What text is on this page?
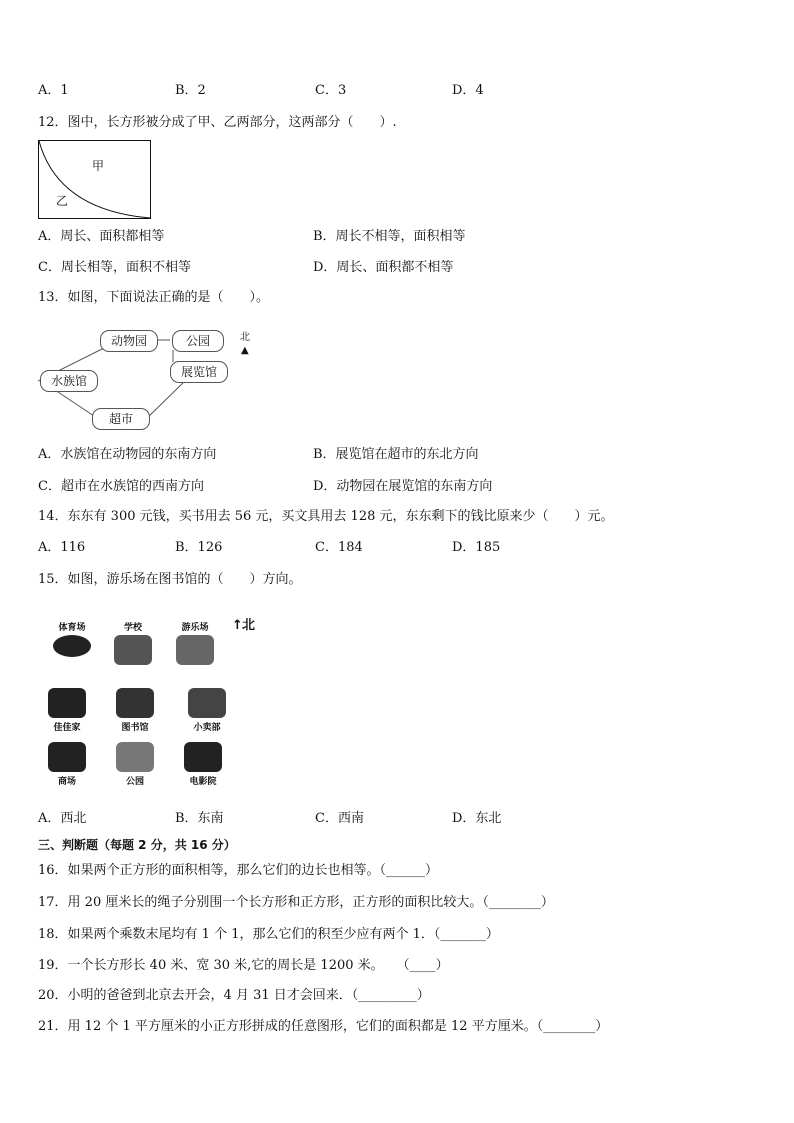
A．1	B．2	C．3	D．4
12．图中，长方形被分成了甲、乙两部分，这两部分（　　）.
甲
乙
A．周长、面积都相等	B．周长不相等，面积相等
C．周长相等，面积不相等	D．周长、面积都不相等
13．如图，下面说法正确的是（　　）。
动物园	公园
展览馆
水族馆
超市
北
▲
A．水族馆在动物园的东南方向	B．展览馆在超市的东北方向
C．超市在水族馆的西南方向	D．动物园在展览馆的东南方向
14．东东有 300 元钱，买书用去 56 元，买文具用去 128 元，东东剩下的钱比原来少（　　）元。
A．116	B．126	C．184	D．185
15．如图，游乐场在图书馆的（　　）方向。
体育场	学校	游乐场	↑ 北
佳佳家	图书馆	小卖部
商场	公园	电影院
A．西北	B．东南	C．西南	D．东北
三、判断题（每题 2 分，共 16 分）
16．如果两个正方形的面积相等，那么它们的边长也相等。（______）
17．用 20 厘米长的绳子分别围一个长方形和正方形，正方形的面积比较大。（________）
18．如果两个乘数末尾均有 1 个 1，那么它们的积至少应有两个 1．（_______）
19．一个长方形长 40 米、宽 30 米,它的周长是 1200 米。　　（____）
20．小明的爸爸到北京去开会，4 月 31 日才会回来．（_________）
21．用 12 个 1 平方厘米的小正方形拼成的任意图形，它们的面积都是 12 平方厘米。（________）
